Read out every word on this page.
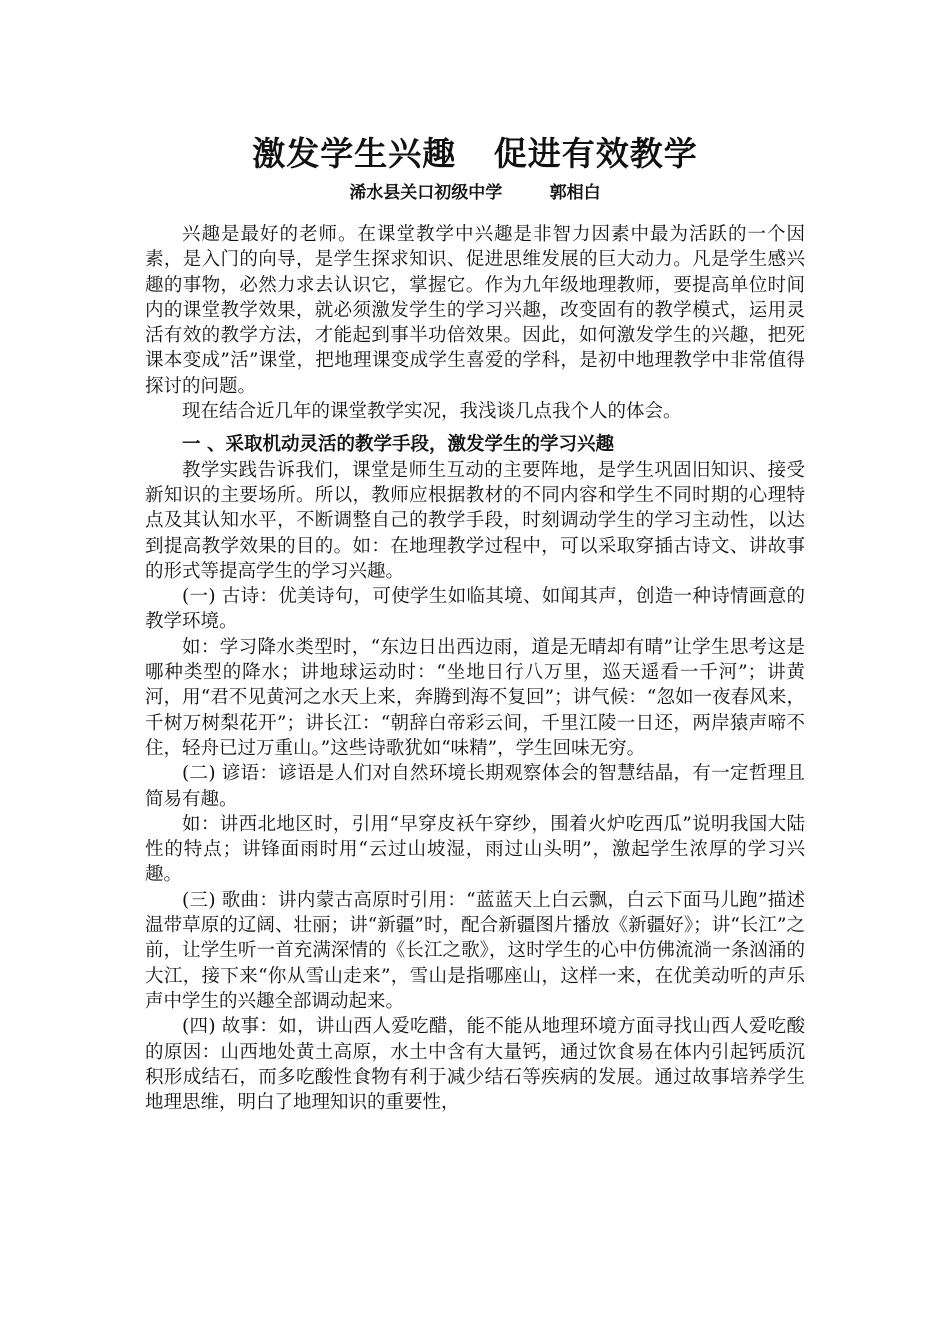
激发学生兴趣   促进有效教学
浠水县关口初级中学        郭相白

兴趣是最好的老师。在课堂教学中兴趣是非智力因素中最为活跃的一个因素，是入门的向导，是学生探求知识、促进思维发展的巨大动力。凡是学生感兴趣的事物，必然力求去认识它，掌握它。作为九年级地理教师，要提高单位时间内的课堂教学效果，就必须激发学生的学习兴趣，改变固有的教学模式，运用灵活有效的教学方法，才能起到事半功倍效果。因此，如何激发学生的兴趣，把死课本变成”活”课堂，把地理课变成学生喜爱的学科，是初中地理教学中非常值得探讨的问题。

现在结合近几年的课堂教学实况，我浅谈几点我个人的体会。

一 、采取机动灵活的教学手段，激发学生的学习兴趣

教学实践告诉我们，课堂是师生互动的主要阵地，是学生巩固旧知识、接受新知识的主要场所。所以，教师应根据教材的不同内容和学生不同时期的心理特点及其认知水平，不断调整自己的教学手段，时刻调动学生的学习主动性，以达到提高教学效果的目的。如：在地理教学过程中，可以采取穿插古诗文、讲故事的形式等提高学生的学习兴趣。

(一) 古诗：优美诗句，可使学生如临其境、如闻其声，创造一种诗情画意的教学环境。

如：学习降水类型时，“东边日出西边雨，道是无晴却有晴”让学生思考这是哪种类型的降水；讲地球运动时：“坐地日行八万里，巡天遥看一千河”；讲黄河，用“君不见黄河之水天上来，奔腾到海不复回”；讲气候：“忽如一夜春风来，千树万树梨花开”；讲长江：“朝辞白帝彩云间，千里江陵一日还，两岸猿声啼不住，轻舟已过万重山。”这些诗歌犹如“味精”，学生回味无穷。

(二) 谚语：谚语是人们对自然环境长期观察体会的智慧结晶，有一定哲理且简易有趣。

如：讲西北地区时，引用“早穿皮袄午穿纱，围着火炉吃西瓜”说明我国大陆性的特点；讲锋面雨时用“云过山坡湿，雨过山头明”，激起学生浓厚的学习兴趣。

(三) 歌曲：讲内蒙古高原时引用：“蓝蓝天上白云飘，白云下面马儿跑”描述温带草原的辽阔、壮丽；讲“新疆”时，配合新疆图片播放《新疆好》；讲“长江”之前，让学生听一首充满深情的《长江之歌》，这时学生的心中仿佛流淌一条汹涌的大江，接下来“你从雪山走来”，雪山是指哪座山，这样一来，在优美动听的声乐声中学生的兴趣全部调动起来。

(四) 故事：如，讲山西人爱吃醋，能不能从地理环境方面寻找山西人爱吃酸的原因：山西地处黄土高原，水土中含有大量钙，通过饮食易在体内引起钙质沉积形成结石，而多吃酸性食物有利于减少结石等疾病的发展。通过故事培养学生地理思维，明白了地理知识的重要性，
